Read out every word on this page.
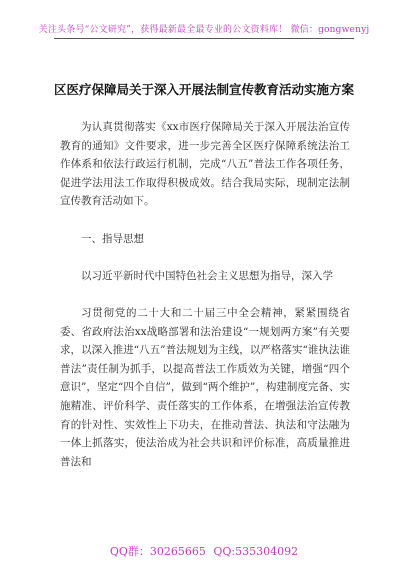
关注头条号“公文研究”，获得最新最全最专业的公文资料库！ 微信：gongwenyj
区医疗保障局关于深入开展法制宣传教育活动实施方案

为认真贯彻落实《xx市医疗保障局关于深入开展法治宣传教育的通知》文件要求，进一步完善全区医疗保障系统法治工作体系和依法行政运行机制，完成“八五”普法工作各项任务，促进学法用法工作取得积极成效。结合我局实际，现制定法制宣传教育活动如下。

一、指导思想

以习近平新时代中国特色社会主义思想为指导，深入学

习贯彻党的二十大和二十届三中全会精神，紧紧围绕省委、省政府法治xx战略部署和法治建设“一规划两方案”有关要求，以深入推进“八五”普法规划为主线，以严格落实“谁执法谁普法”责任制为抓手，以提高普法工作质效为关键，增强“四个意识”，坚定“四个自信”，做到“两个维护”，构建制度完备、实施精准、评价科学、责任落实的工作体系，在增强法治宣传教育的针对性、实效性上下功夫，在推动普法、执法和守法融为一体上抓落实，使法治成为社会共识和评价标准，高质量推进普法和

QQ群：30265665 QQ:535304092
